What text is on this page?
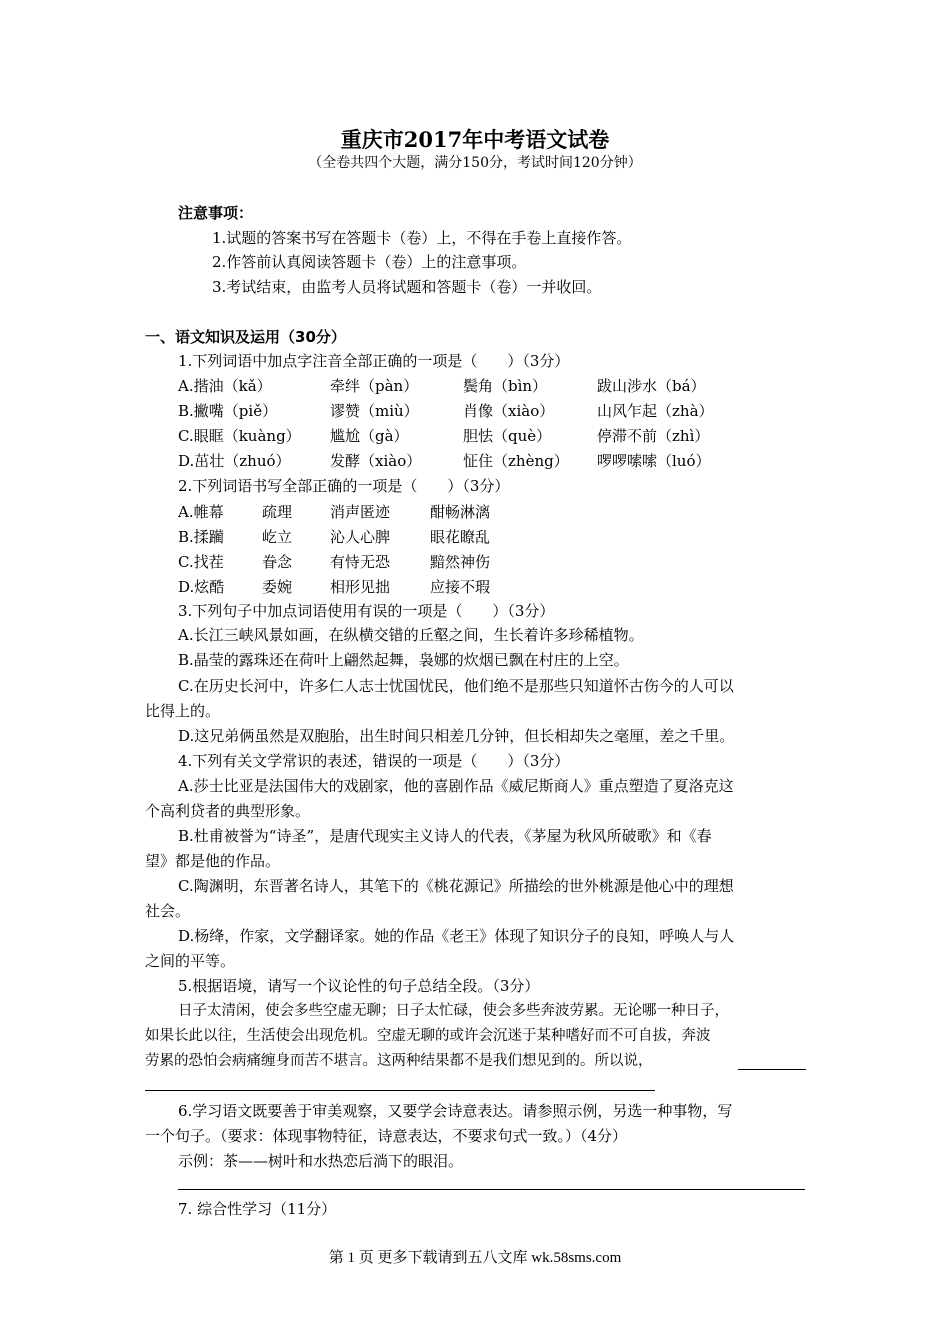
重庆市2017年中考语文试卷
（全卷共四个大题，满分150分，考试时间120分钟）
注意事项：
1.试题的答案书写在答题卡（卷）上，不得在手卷上直接作答。
2.作答前认真阅读答题卡（卷）上的注意事项。
3.考试结束，由监考人员将试题和答题卡（卷）一并收回。
一、语文知识及运用（30分）
1.下列词语中加点字注音全部正确的一项是（　　）（3分）
A.揩油（kǎ）	牵绊（pàn）	鬓角（bìn）	跋山涉水（bá）
B.撇嘴（piě）	谬赞（miù）	肖像（xiào）	山风乍起（zhà）
C.眼眶（kuàng） 尴尬（gà）	胆怯（què）	停滞不前（zhì）
D.茁壮（zhuó）	发酵（xiào）	怔住（zhèng） 啰啰嗦嗦（luó）
2.下列词语书写全部正确的一项是（　　）（3分）
A.帷幕	疏理	消声匿迹	酣畅淋漓
B.揉躏	屹立	沁人心脾	眼花瞭乱
C.找茬	眷念	有恃无恐	黯然神伤
D.炫酷	委婉	相形见拙	应接不瑕
3.下列句子中加点词语使用有误的一项是（　　）（3分）
A.长江三峡风景如画，在纵横交错的丘壑之间，生长着许多珍稀植物。
B.晶莹的露珠还在荷叶上翩然起舞，袅娜的炊烟已飘在村庄的上空。
C.在历史长河中，许多仁人志士忧国忧民，他们绝不是那些只知道怀古伤今的人可以
比得上的。
D.这兄弟俩虽然是双胞胎，出生时间只相差几分钟，但长相却失之毫厘，差之千里。
4.下列有关文学常识的表述，错误的一项是（　　）（3分）
A.莎士比亚是法国伟大的戏剧家，他的喜剧作品《威尼斯商人》重点塑造了夏洛克这
个高利贷者的典型形象。
B.杜甫被誉为“诗圣”，是唐代现实主义诗人的代表，《茅屋为秋风所破歌》和《春
望》都是他的作品。
C.陶渊明，东晋著名诗人，其笔下的《桃花源记》所描绘的世外桃源是他心中的理想
社会。
D.杨绛，作家，文学翻译家。她的作品《老王》体现了知识分子的良知，呼唤人与人
之间的平等。
5.根据语境，请写一个议论性的句子总结全段。（3分）
日子太清闲，使会多些空虚无聊；日子太忙碌，使会多些奔波劳累。无论哪一种日子，
如果长此以往，生活使会出现危机。空虚无聊的或许会沉迷于某种嗜好而不可自拔，奔波
劳累的恐怕会病痛缠身而苦不堪言。这两种结果都不是我们想见到的。所以说，
6.学习语文既要善于审美观察，又要学会诗意表达。请参照示例，另选一种事物，写
一个句子。（要求：体现事物特征，诗意表达，不要求句式一致。）（4分）
示例：茶——树叶和水热恋后淌下的眼泪。
7. 综合性学习（11分）
第 1 页 更多下载请到五八文库 wk.58sms.com
